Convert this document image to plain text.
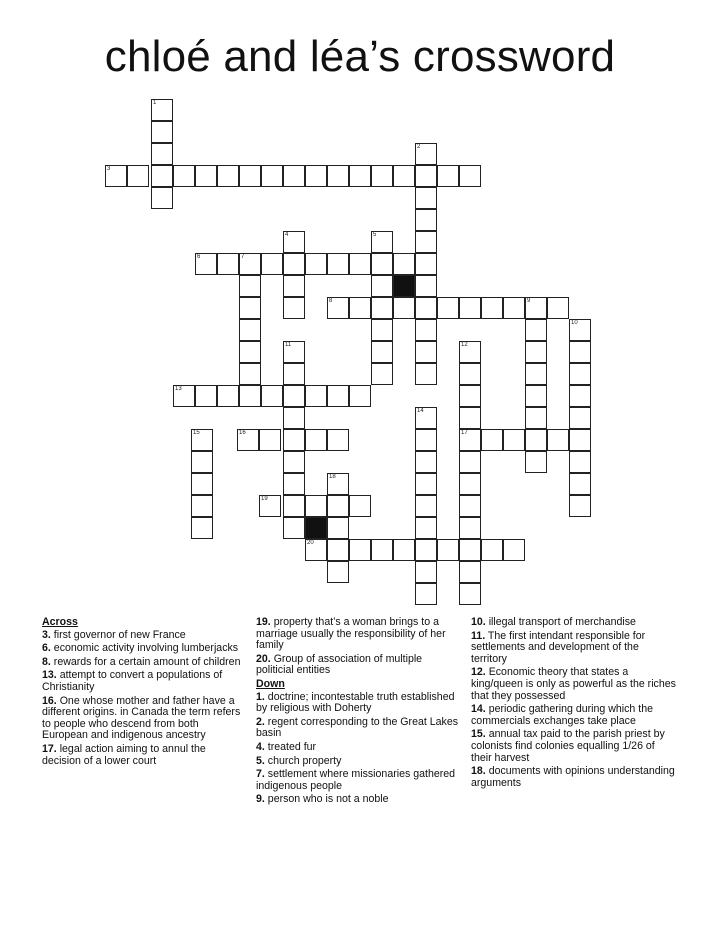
chloé and léa’s crossword
1
3
2
6	7
4	5
8	9
10
13
11	12
17
15	16
14
18
19
20
Across
3. first governor of new France
6. economic activity involving lumberjacks
8. rewards for a certain amount of children
13. attempt to convert a populations of Christianity
16. One whose mother and father have a different origins. in Canada the term refers to people who descend from both European and indigenous ancestry
17. legal action aiming to annul the decision of a lower court
19. property that’s a woman brings to a marriage usually the responsibility of her family
20. Group of association of multiple politicial entities
Down
1. doctrine; incontestable truth established by religious with Doherty
2. regent corresponding to the Great Lakes basin
4. treated fur
5. church property
7. settlement where missionaries gathered indigenous people
9. person who is not a noble
10. illegal transport of merchandise
11. The first intendant responsible for settlements and development of the territory
12. Economic theory that states a king/queen is only as powerful as the riches that they possessed
14. periodic gathering during which the commercials exchanges take place
15. annual tax paid to the parish priest by colonists find colonies equalling 1/26 of their harvest
18. documents with opinions understanding arguments
